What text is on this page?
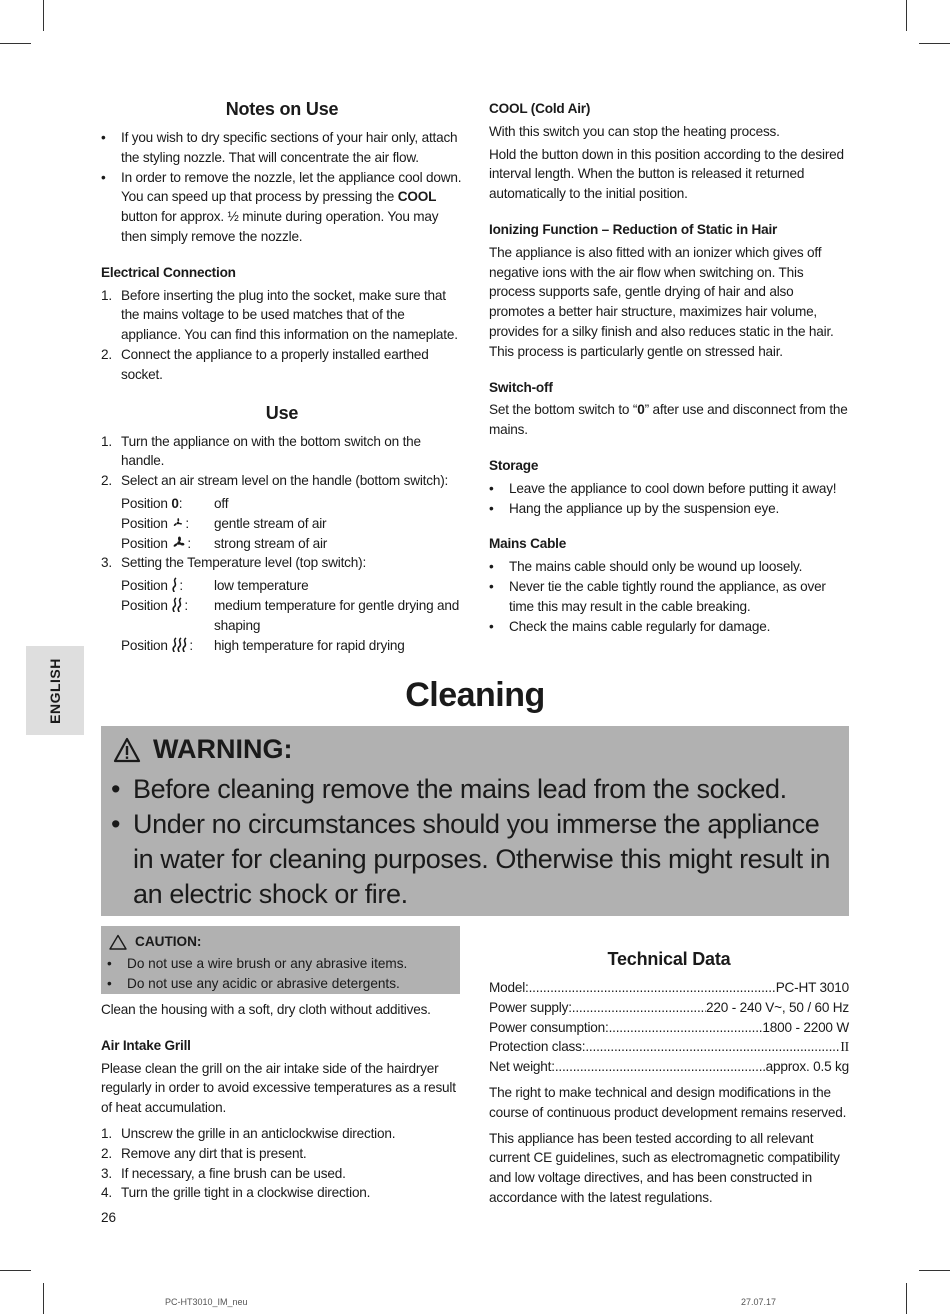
Notes on Use
• If you wish to dry specific sections of your hair only, attach the styling nozzle. That will concentrate the air flow.
• In order to remove the nozzle, let the appliance cool down. You can speed up that process by pressing the COOL button for approx. ½ minute during operation. You may then simply remove the nozzle.
Electrical Connection
1. Before inserting the plug into the socket, make sure that the mains voltage to be used matches that of the appliance. You can find this information on the nameplate.
2. Connect the appliance to a properly installed earthed socket.
Use
1. Turn the appliance on with the bottom switch on the handle.
2. Select an air stream level on the handle (bottom switch):
Position 0:	off
Position :	gentle stream of air
Position :	strong stream of air
3. Setting the Temperature level (top switch):
Position :	low temperature
Position :	medium temperature for gentle drying and shaping
Position :	high temperature for rapid drying
COOL (Cold Air)

With this switch you can stop the heating process.

Hold the button down in this position according to the desired interval length. When the button is released it returned automatically to the initial position.

Ionizing Function – Reduction of Static in Hair

The appliance is also fitted with an ionizer which gives off negative ions with the air flow when switching on. This process supports safe, gentle drying of hair and also promotes a better hair structure, maximizes hair volume, provides for a silky finish and also reduces static in the hair.

This process is particularly gentle on stressed hair.

Switch-off

Set the bottom switch to “0” after use and disconnect from the mains.

Storage
• Leave the appliance to cool down before putting it away!
• Hang the appliance up by the suspension eye.
Mains Cable
• The mains cable should only be wound up loosely.
• Never tie the cable tightly round the appliance, as over time this may result in the cable breaking.
• Check the mains cable regularly for damage.
ENGLISH	Cleaning
WARNING:
• Before cleaning remove the mains lead from the socked.
• Under no circumstances should you immerse the appliance in water for cleaning purposes. Otherwise this might result in an electric shock or fire.
CAUTION:
• Do not use a wire brush or any abrasive items.
• Do not use any acidic or abrasive detergents.

Clean the housing with a soft, dry cloth without additives.

Air Intake Grill

Please clean the grill on the air intake side of the hairdryer regularly in order to avoid excessive temperatures as a result of heat accumulation.

1. Unscrew the grille in an anticlockwise direction.
2. Remove any dirt that is present.
3. If necessary, a fine brush can be used.
4. Turn the grille tight in a clockwise direction.
Technical Data
Model: .....	PC-HT 3010
Power supply: .....	220 - 240 V~, 50 / 60 Hz
Power consumption: .....	1800 - 2200 W
Protection class: .....	II
Net weight: .....	approx. 0.5 kg

The right to make technical and design modifications in the course of continuous product development remains reserved.

This appliance has been tested according to all relevant current CE guidelines, such as electromagnetic compatibility and low voltage directives, and has been constructed in accordance with the latest regulations.

26
PC-HT3010_IM_neu	27.07.17
